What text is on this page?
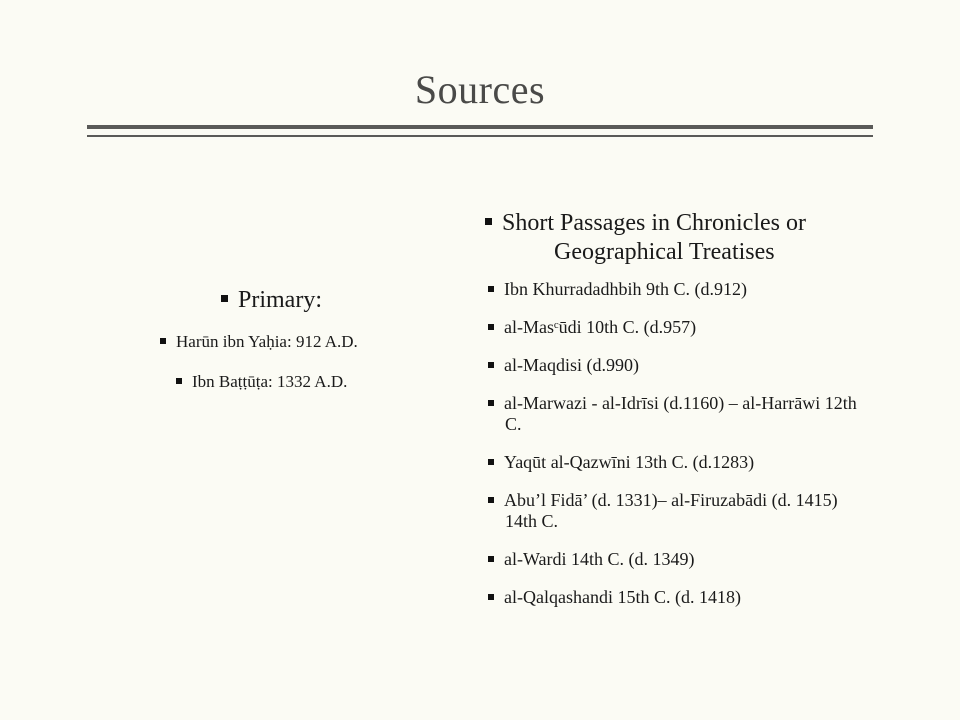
Sources
Primary:
Harūn ibn Yaḥia: 912 A.D.
Ibn Baṭṭūṭa: 1332 A.D.
Short Passages in Chronicles or
Geographical Treatises
Ibn Khurradadhbih 9th C. (d.912)
al-Masᶜūdi 10th C. (d.957)
al-Maqdisi (d.990)
al-Marwazi - al-Idrīsi (d.1160) – al-Harrāwi 12th C.
Yaqūt al-Qazwīni 13th C. (d.1283)
Abu’l Fidā’ (d. 1331)– al-Firuzabādi (d. 1415) 14th C.
al-Wardi 14th C. (d. 1349)
al-Qalqashandi 15th C. (d. 1418)
